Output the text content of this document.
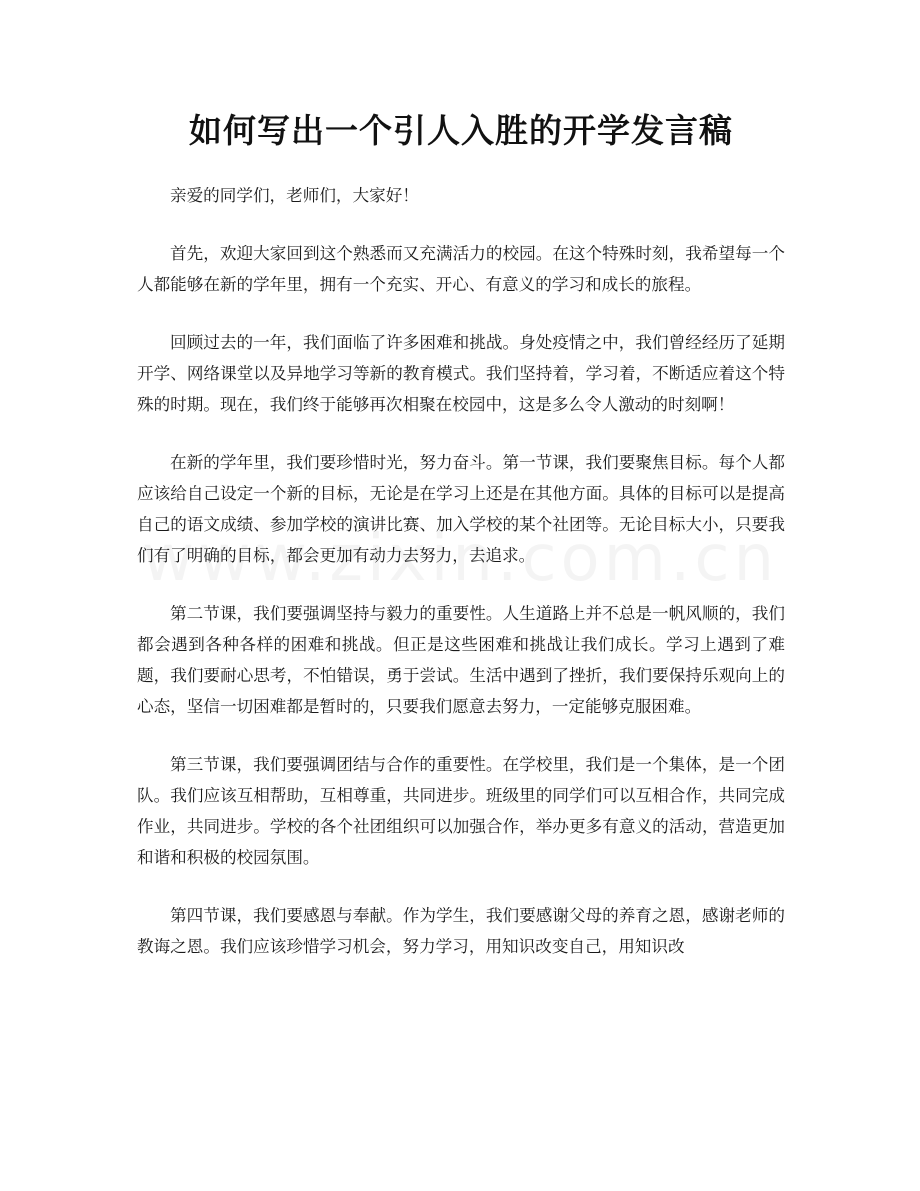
如何写出一个引人入胜的开学发言稿

亲爱的同学们，老师们，大家好！

首先，欢迎大家回到这个熟悉而又充满活力的校园。在这个特殊时刻，我希望每一个人都能够在新的学年里，拥有一个充实、开心、有意义的学习和成长的旅程。

回顾过去的一年，我们面临了许多困难和挑战。身处疫情之中，我们曾经经历了延期开学、网络课堂以及异地学习等新的教育模式。我们坚持着，学习着，不断适应着这个特殊的时期。现在，我们终于能够再次相聚在校园中，这是多么令人激动的时刻啊！

在新的学年里，我们要珍惜时光，努力奋斗。第一节课，我们要聚焦目标。每个人都应该给自己设定一个新的目标，无论是在学习上还是在其他方面。具体的目标可以是提高自己的语文成绩、参加学校的演讲比赛、加入学校的某个社团等。无论目标大小，只要我们有了明确的目标，都会更加有动力去努力，去追求。

第二节课，我们要强调坚持与毅力的重要性。人生道路上并不总是一帆风顺的，我们都会遇到各种各样的困难和挑战。但正是这些困难和挑战让我们成长。学习上遇到了难题，我们要耐心思考，不怕错误，勇于尝试。生活中遇到了挫折，我们要保持乐观向上的心态，坚信一切困难都是暂时的，只要我们愿意去努力，一定能够克服困难。

第三节课，我们要强调团结与合作的重要性。在学校里，我们是一个集体，是一个团队。我们应该互相帮助，互相尊重，共同进步。班级里的同学们可以互相合作，共同完成作业，共同进步。学校的各个社团组织可以加强合作，举办更多有意义的活动，营造更加和谐和积极的校园氛围。

第四节课，我们要感恩与奉献。作为学生，我们要感谢父母的养育之恩，感谢老师的教诲之恩。我们应该珍惜学习机会，努力学习，用知识改变自己，用知识改
